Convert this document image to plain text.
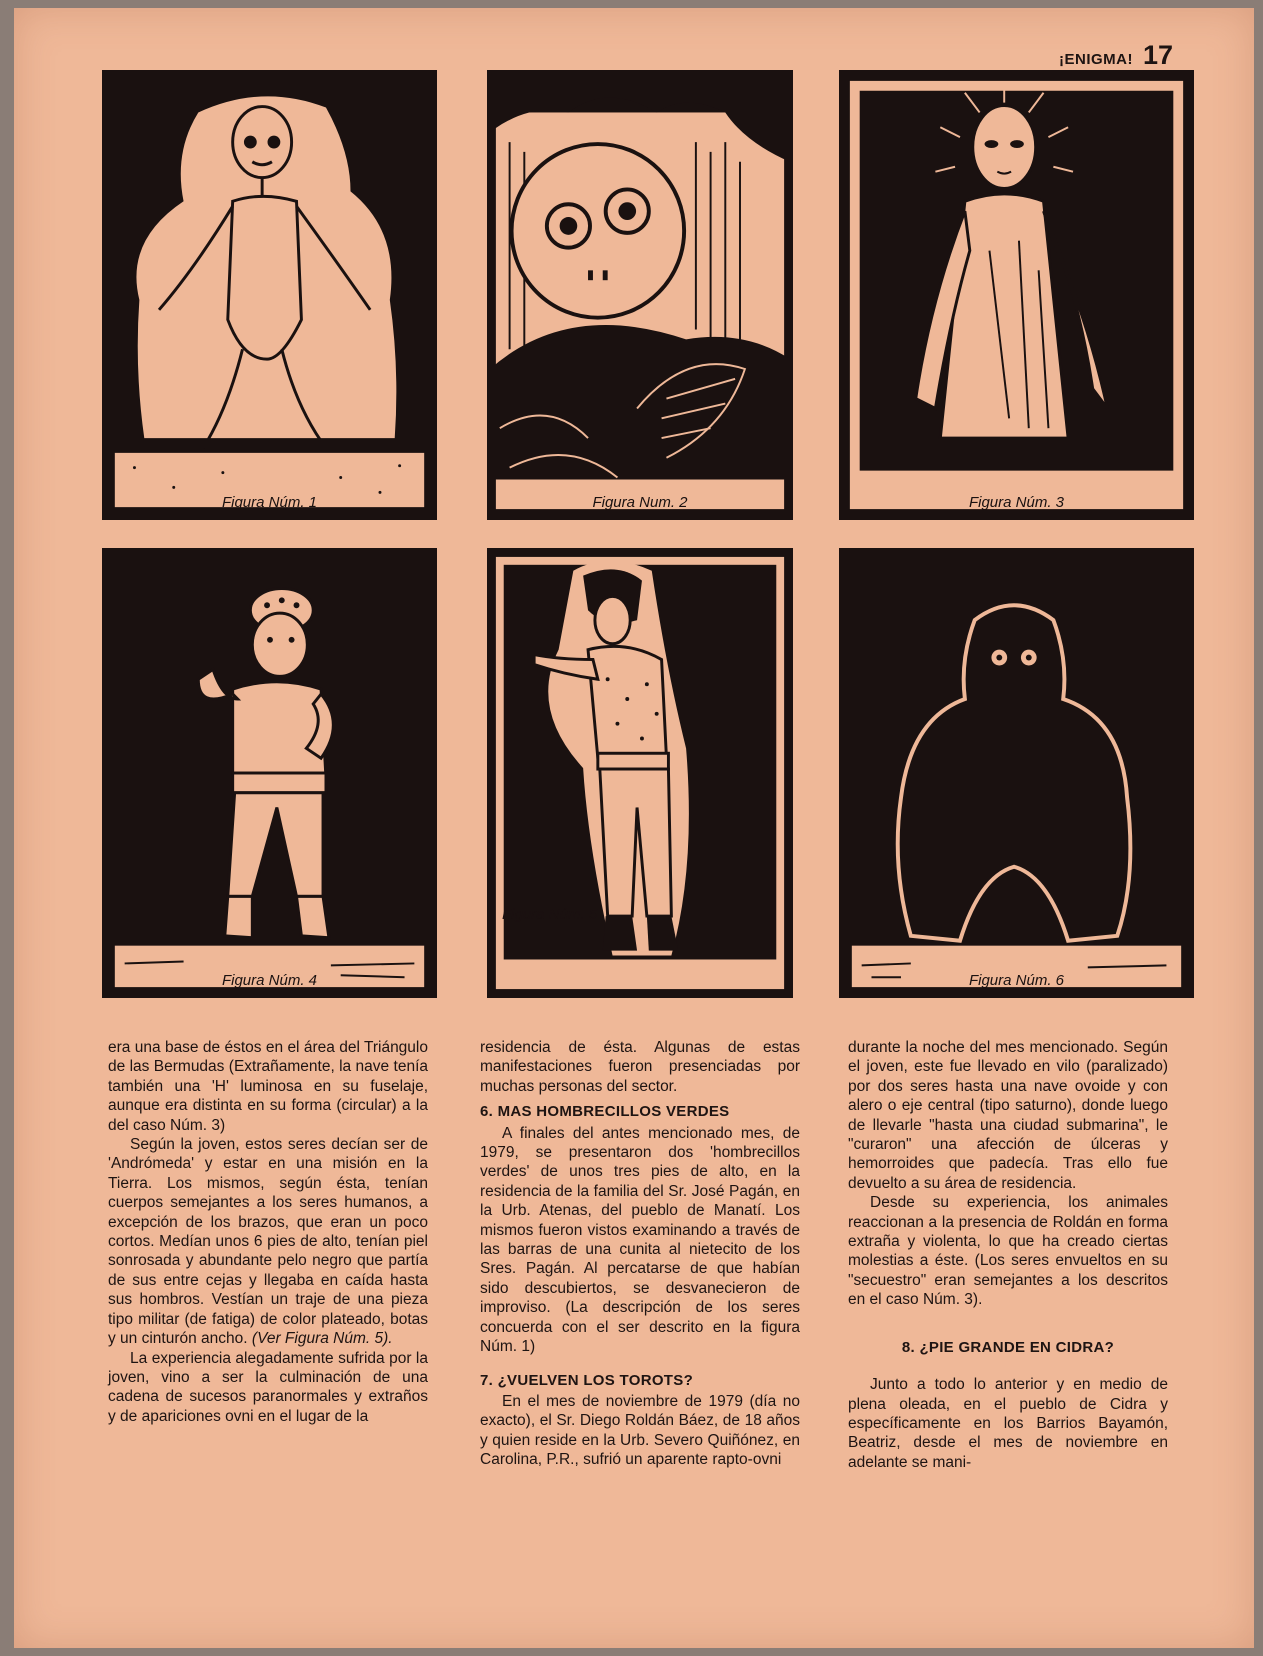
¡ENIGMA! 17
Figura Núm. 1	Figura Num. 2	Figura Núm. 3
Figura Núm. 4
Figura Núm. 5
Figura Núm. 6

era una base de éstos en el área del Triángulo de las Bermudas (Extrañamente, la nave tenía también una 'H' luminosa en su fuselaje, aunque era distinta en su forma (circular) a la del caso Núm. 3)

Según la joven, estos seres decían ser de 'Andrómeda' y estar en una misión en la Tierra. Los mismos, según ésta, tenían cuerpos semejantes a los seres humanos, a excepción de los brazos, que eran un poco cortos. Medían unos 6 pies de alto, tenían piel sonrosada y abundante pelo negro que partía de sus entre cejas y llegaba en caída hasta sus hombros. Vestían un traje de una pieza tipo militar (de fatiga) de color plateado, botas y un cinturón ancho. (Ver Figura Núm. 5).

La experiencia alegadamente sufrida por la joven, vino a ser la culminación de una cadena de sucesos paranormales y extraños y de apariciones ovni en el lugar de la

residencia de ésta. Algunas de estas manifestaciones fueron presenciadas por muchas personas del sector.

6. MAS HOMBRECILLOS VERDES

A finales del antes mencionado mes, de 1979, se presentaron dos 'hombrecillos verdes' de unos tres pies de alto, en la residencia de la familia del Sr. José Pagán, en la Urb. Atenas, del pueblo de Manatí. Los mismos fueron vistos examinando a través de las barras de una cunita al nietecito de los Sres. Pagán. Al percatarse de que habían sido descubiertos, se desvanecieron de improviso. (La descripción de los seres concuerda con el ser descrito en la figura Núm. 1)

7. ¿VUELVEN LOS TOROTS?

En el mes de noviembre de 1979 (día no exacto), el Sr. Diego Roldán Báez, de 18 años y quien reside en la Urb. Severo Quiñónez, en Carolina, P.R., sufrió un aparente rapto-ovni

durante la noche del mes mencionado. Según el joven, este fue llevado en vilo (paralizado) por dos seres hasta una nave ovoide y con alero o eje central (tipo saturno), donde luego de llevarle "hasta una ciudad submarina", le "curaron" una afección de úlceras y hemorroides que padecía. Tras ello fue devuelto a su área de residencia.

Desde su experiencia, los animales reaccionan a la presencia de Roldán en forma extraña y violenta, lo que ha creado ciertas molestias a éste. (Los seres envueltos en su "secuestro" eran semejantes a los descritos en el caso Núm. 3).

8. ¿PIE GRANDE EN CIDRA?

Junto a todo lo anterior y en medio de plena oleada, en el pueblo de Cidra y específicamente en los Barrios Bayamón, Beatriz, desde el mes de noviembre en adelante se mani-
